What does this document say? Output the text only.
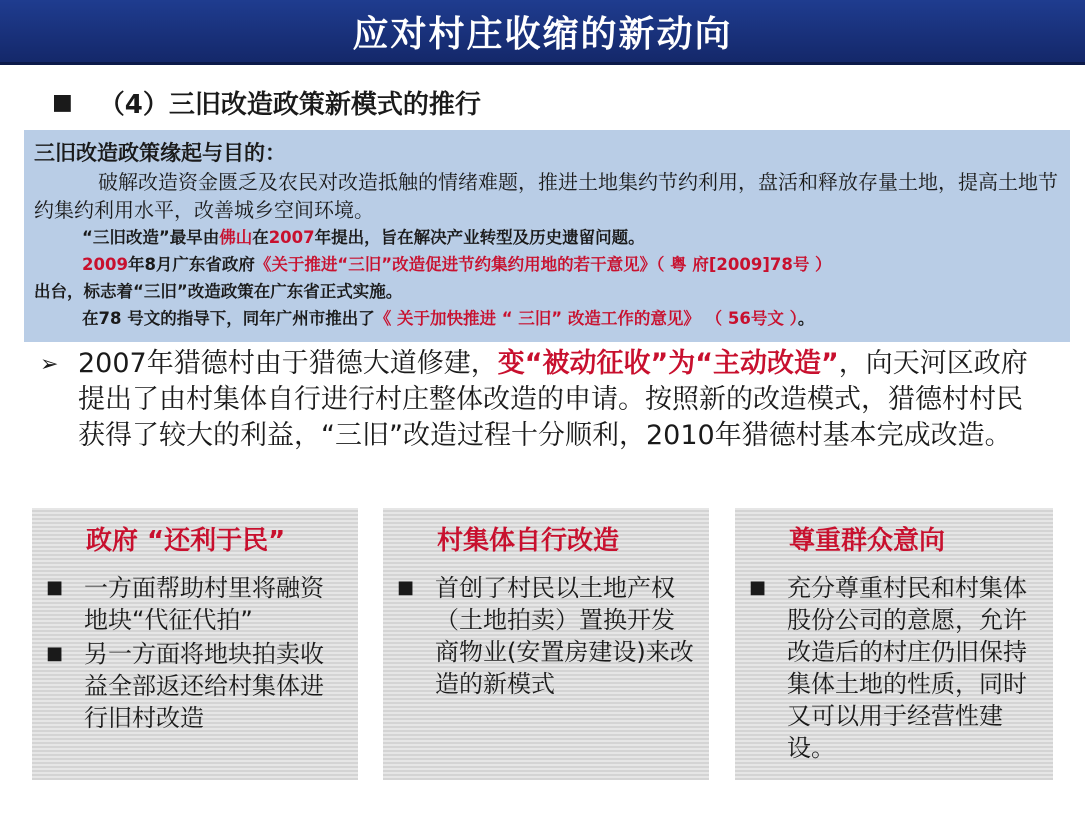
应对村庄收缩的新动向
■ （4）三旧改造政策新模式的推行
三旧改造政策缘起与目的：

破解改造资金匮乏及农民对改造抵触的情绪难题，推进土地集约节约利用，盘活和释放存量土地，提高土地节约集约利用水平，改善城乡空间环境。

“三旧改造”最早由佛山在2007年提出，旨在解决产业转型及历史遗留问题。

2009年8月广东省政府《关于推进“三旧”改造促进节约集约用地的若干意见》（ 粤 府[2009]78号 ）

出台，标志着“三旧”改造政策在广东省正式实施。

在78 号文的指导下，同年广州市推出了《 关于加快推进 “ 三旧” 改造工作的意见》 （ 56号文 ）。

➢ 2007年猎德村由于猎德大道修建，变“被动征收”为“主动改造”，向天河区政府提出了由村集体自行进行村庄整体改造的申请。按照新的改造模式，猎德村村民获得了较大的利益，“三旧”改造过程十分顺利，2010年猎德村基本完成改造。
政府 “还利于民”
■ 一方面帮助村里将融资地块“代征代拍”
■ 另一方面将地块拍卖收益全部返还给村集体进行旧村改造
村集体自行改造
■ 首创了村民以土地产权（土地拍卖）置换开发商物业(安置房建设)来改造的新模式
尊重群众意向
■ 充分尊重村民和村集体股份公司的意愿，允许改造后的村庄仍旧保持集体土地的性质，同时又可以用于经营性建设。
